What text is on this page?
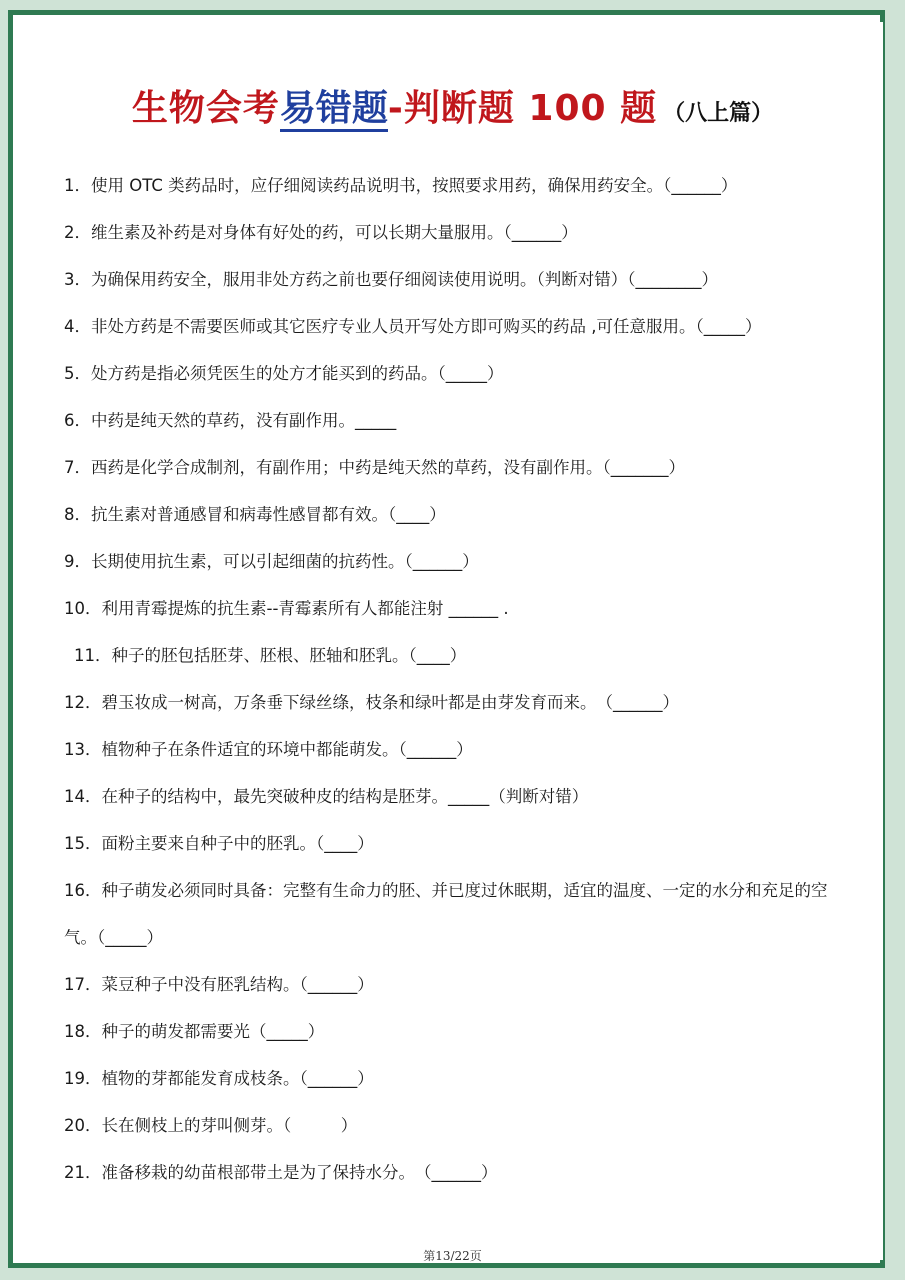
生物会考易错题-判断题 100 题 （八上篇）
1．使用 OTC 类药品时，应仔细阅读药品说明书，按照要求用药，确保用药安全。（______）
2．维生素及补药是对身体有好处的药，可以长期大量服用。（______）
3．为确保用药安全，服用非处方药之前也要仔细阅读使用说明。（判断对错）（________）
4．非处方药是不需要医师或其它医疗专业人员开写处方即可购买的药品 ,可任意服用。（_____）
5．处方药是指必须凭医生的处方才能买到的药品。（_____）
6．中药是纯天然的草药，没有副作用。_____
7．西药是化学合成制剂，有副作用；中药是纯天然的草药，没有副作用。（_______）
8．抗生素对普通感冒和病毒性感冒都有效。（____）
9．长期使用抗生素，可以引起细菌的抗药性。（______）
10．利用青霉提炼的抗生素--青霉素所有人都能注射 ______ .
11．种子的胚包括胚芽、胚根、胚轴和胚乳。（____）
12．碧玉妆成一树高，万条垂下绿丝绦，枝条和绿叶都是由芽发育而来。　（______）
13．植物种子在条件适宜的环境中都能萌发。（______）
14．在种子的结构中，最先突破种皮的结构是胚芽。_____（判断对错）
15．面粉主要来自种子中的胚乳。（____）
16．种子萌发必须同时具备：完整有生命力的胚、并已度过休眠期，适宜的温度、一定的水分和充足的空气。（_____）
17．菜豆种子中没有胚乳结构。（______）
18．种子的萌发都需要光（_____）
19．植物的芽都能发育成枝条。（______）
20．长在侧枝上的芽叫侧芽。（　　　）
21．准备移栽的幼苗根部带土是为了保持水分。　（______）
第13/22页
